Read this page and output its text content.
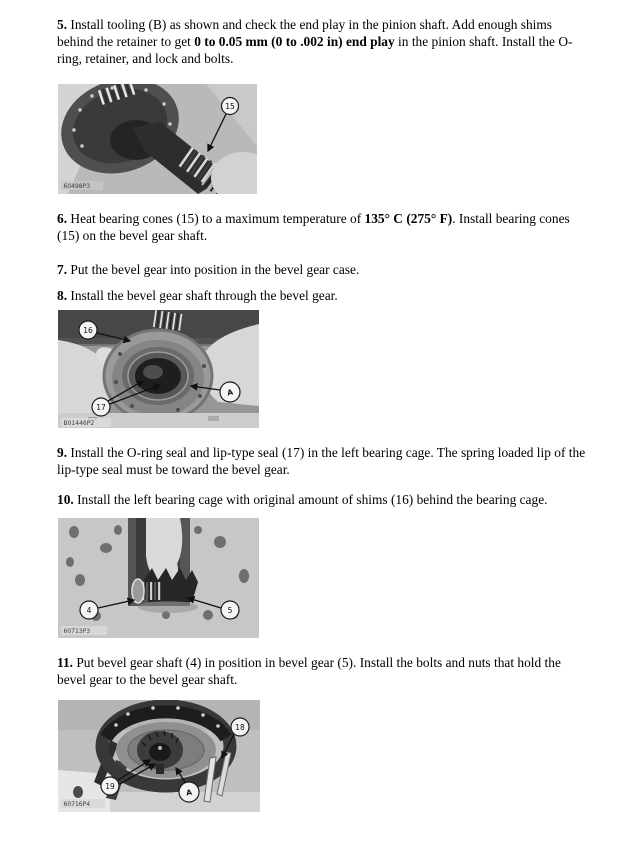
5. Install tooling (B) as shown and check the end play in the pinion shaft. Add enough shims behind the retainer to get 0 to 0.05 mm (0 to .002 in) end play in the pinion shaft. Install the O-ring, retainer, and lock and bolts.

15
60498P3

6. Heat bearing cones (15) to a maximum temperature of 135° C (275° F). Install bearing cones (15) on the bevel gear shaft.

7. Put the bevel gear into position in the bevel gear case.

8. Install the bevel gear shaft through the bevel gear.

16
17
A
B01446P2

9. Install the O-ring seal and lip-type seal (17) in the left bearing cage. The spring loaded lip of the lip-type seal must be toward the bevel gear.

10. Install the left bearing cage with original amount of shims (16) behind the bearing cage.

4	5
60713P3

11. Put bevel gear shaft (4) in position in bevel gear (5). Install the bolts and nuts that hold the bevel gear to the bevel gear shaft.

18
19
A
60716P4
